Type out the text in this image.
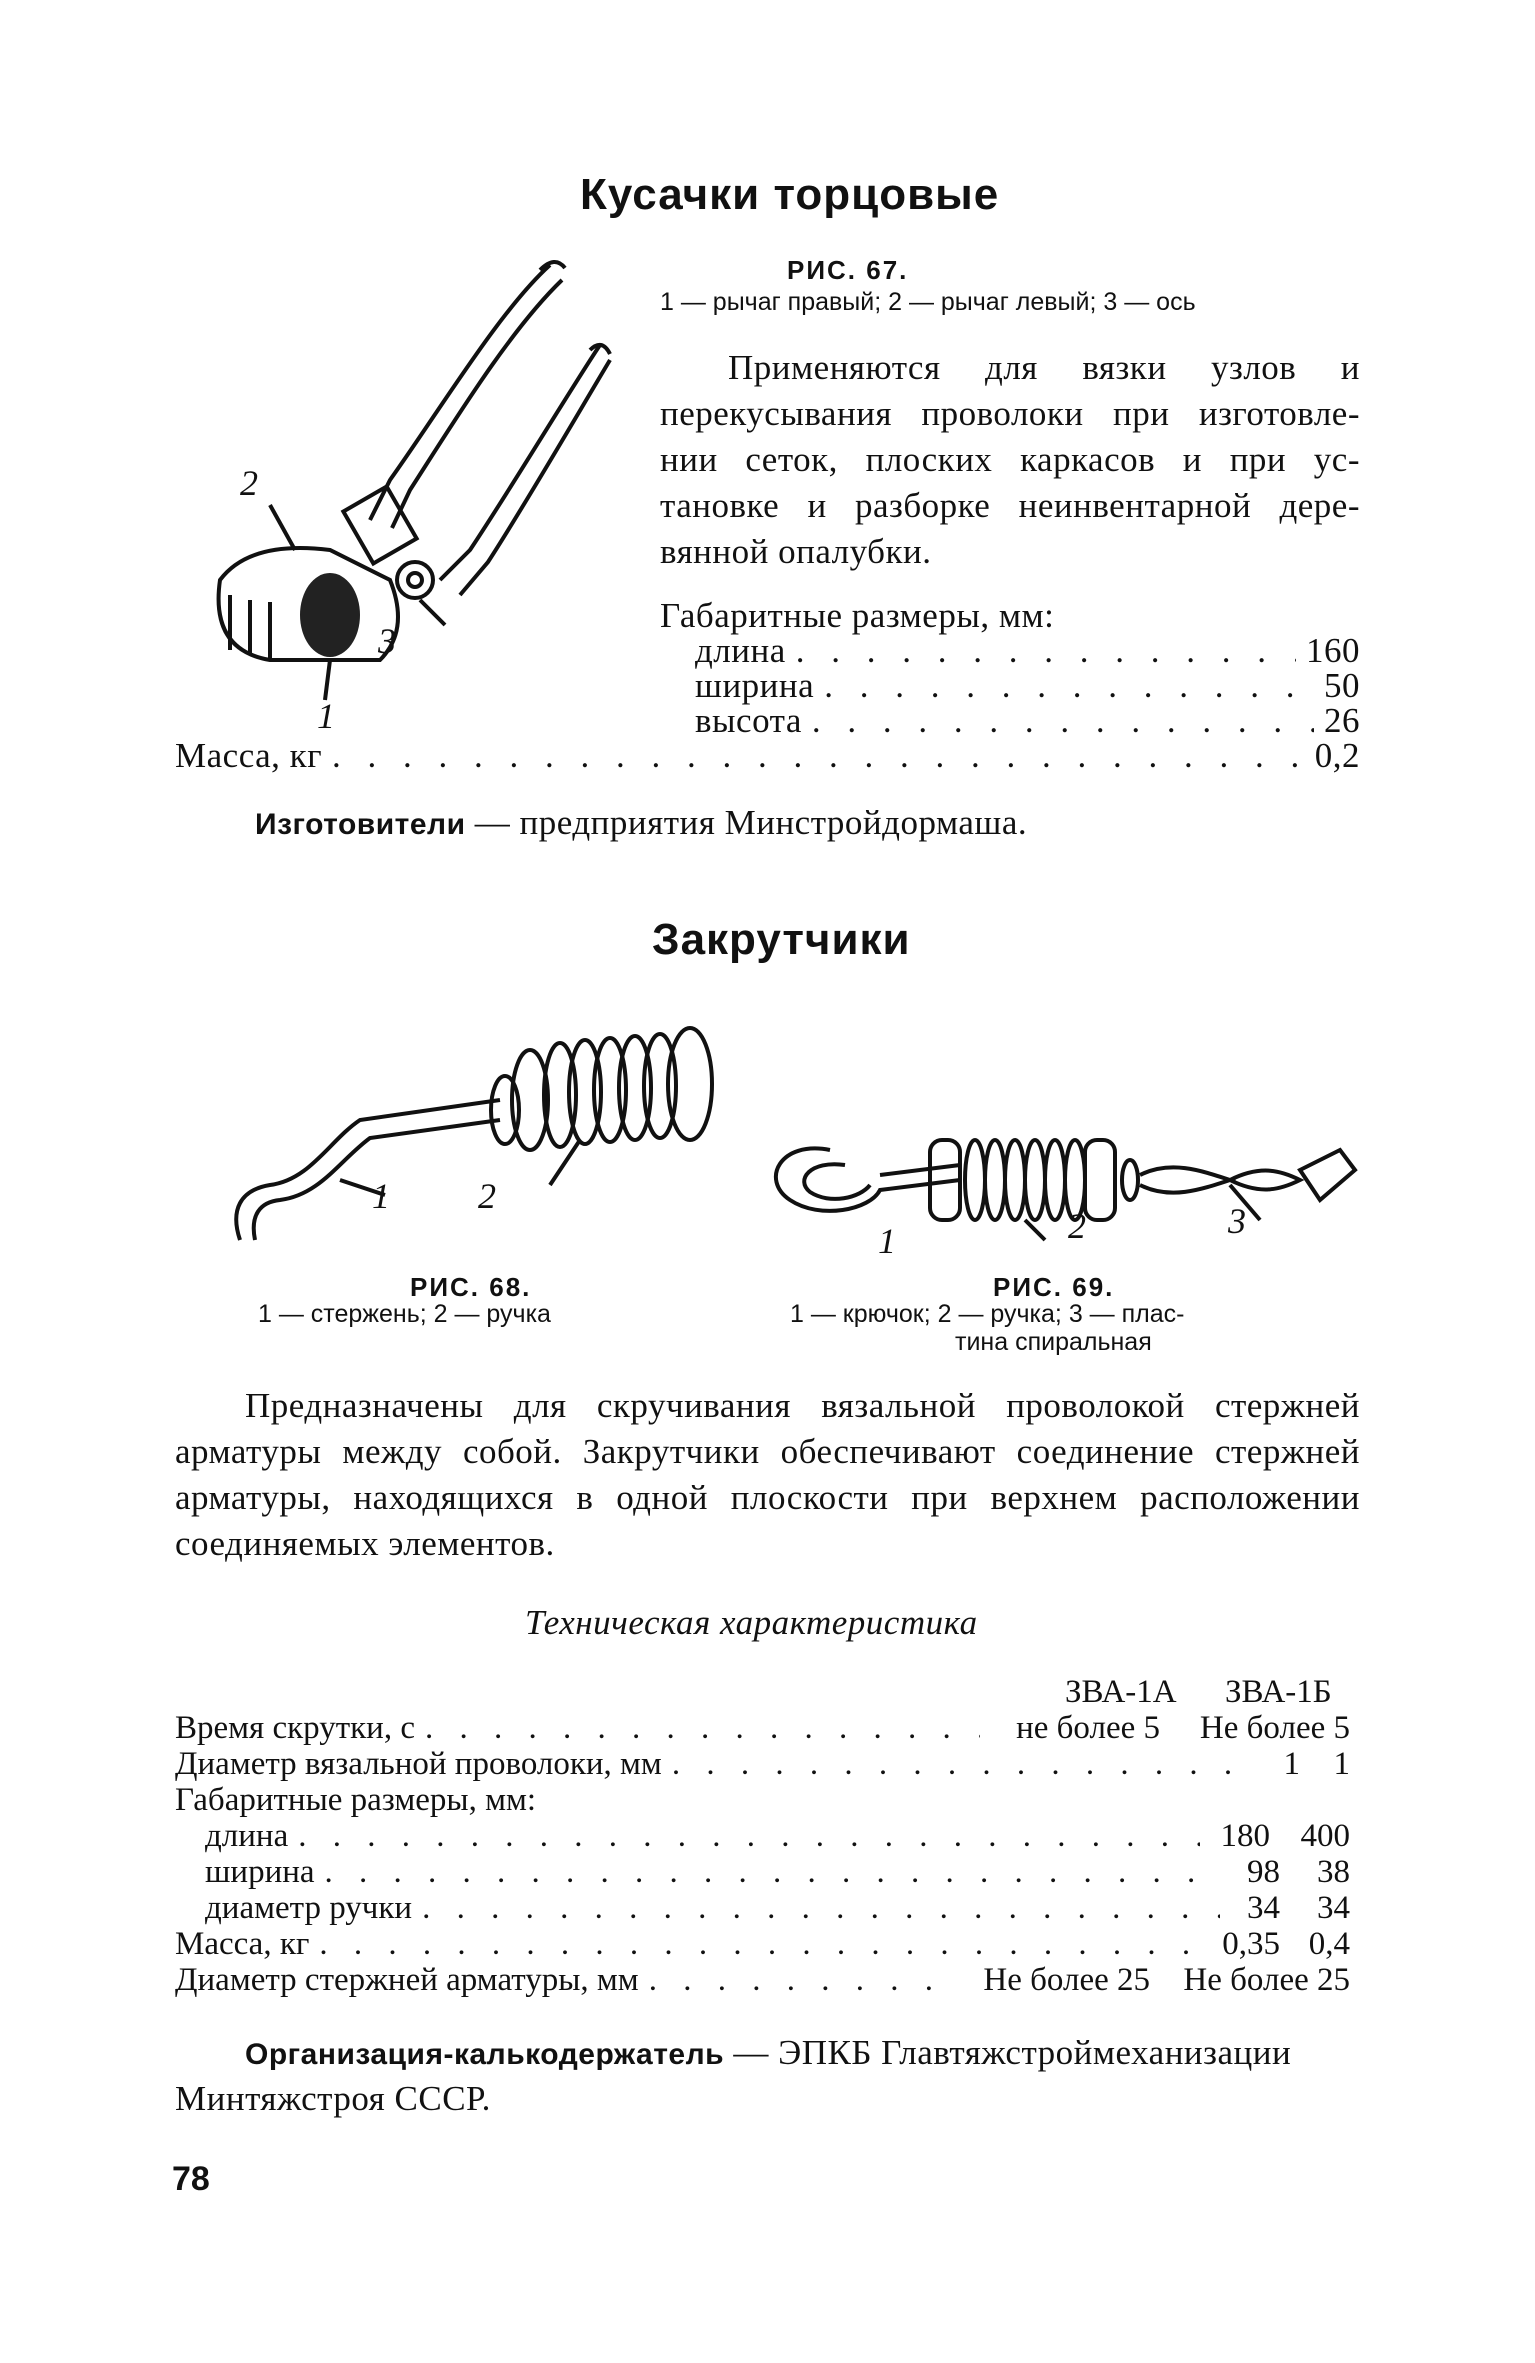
Кусачки торцовые
2
3
1
РИС. 67.
1 — рычаг правый; 2 — рычаг левый; 3 — ось
Применяются для вязки узлов и
перекусывания проволоки при изготовле-
нии сеток, плоских каркасов и при ус-
тановке и разборке неинвентарной дере-
вянной опалубки.
Габаритные размеры, мм:
длина . . .	160
ширина . . .	50
высота . . .	26
Масса, кг . . .	0,2
Изготовители — предприятия Минстройдормаша.
Закрутчики
1 2
1	2	3
РИС. 68.
1 — стержень; 2 — ручка
РИС. 69.
1 — крючок; 2 — ручка; 3 — плас-
тина спиральная
Предназначены для скручивания вязальной проволокой стержней
арматуры между собой. Закрутчики обеспечивают соединение стержней
арматуры, находящихся в одной плоскости при верхнем расположении
соединяемых элементов.
Техническая характеристика
ЗВА-1А ЗВА-1Б
Время скрутки, с . . .	не более 5	Не более 5
Диаметр вязальной проволоки, мм . . .	1	1
Габаритные размеры, мм:
длина . . .	180 400
ширина . . .	98	38
диаметр ручки . . .	34	34
Масса, кг . . .	0,35 0,4
Диаметр стержней арматуры, мм . . .	Не более 25	Не более 25
Организация-калькодержатель — ЭПКБ Главтяжстроймеханизации
Минтяжстроя СССР.
78
